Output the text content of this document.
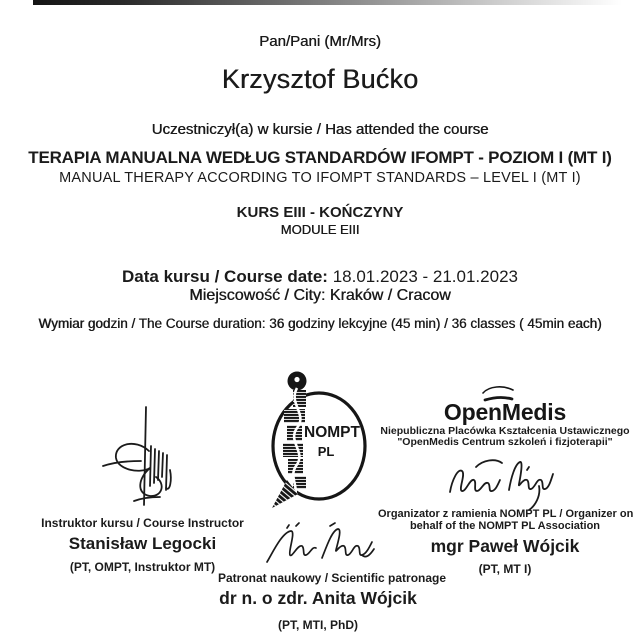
Pan/Pani (Mr/Mrs)
Krzysztof Bućko
Uczestniczył(a) w kursie / Has attended the course
TERAPIA MANUALNA WEDŁUG STANDARDÓW IFOMPT - POZIOM I (MT I)
MANUAL THERAPY ACCORDING TO IFOMPT STANDARDS – LEVEL I (MT I)
KURS EIII - KOŃCZYNY
MODULE EIII
Data kursu / Course date: 18.01.2023 - 21.01.2023
Miejscowość / City: Kraków / Cracow
Wymiar godzin / The Course duration: 36 godziny lekcyjne (45 min) / 36 classes ( 45min each)
Instruktor kursu / Course Instructor
Stanisław Legocki
(PT, OMPT, Instruktor MT)
NOMPT
PL
Patronat naukowy / Scientific patronage
dr n. o zdr. Anita Wójcik
(PT, MTI, PhD)
OpenMedis
Niepubliczna Placówka Kształcenia Ustawicznego
"OpenMedis Centrum szkoleń i fizjoterapii"
Organizator z ramienia NOMPT PL / Organizer on
behalf of the NOMPT PL Association
mgr Paweł Wójcik
(PT, MT I)
